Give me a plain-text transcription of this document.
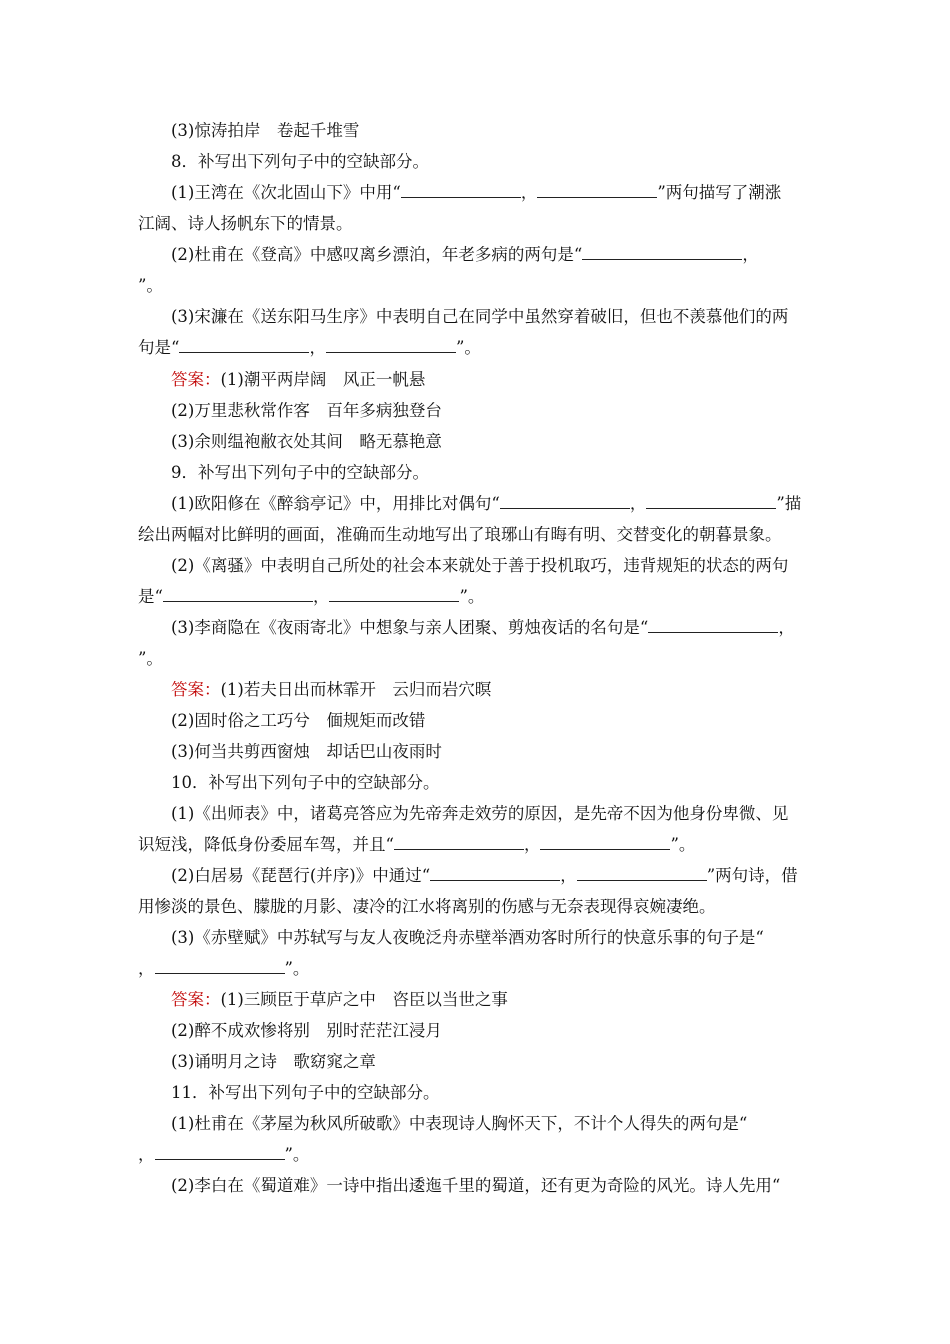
(3)惊涛拍岸　卷起千堆雪
8．补写出下列句子中的空缺部分。
(1)王湾在《次北固山下》中用“	，	”两句描写了潮涨
江阔、诗人扬帆东下的情景。
(2)杜甫在《登高》中感叹离乡漂泊，年老多病的两句是“	，
”。
(3)宋濂在《送东阳马生序》中表明自己在同学中虽然穿着破旧，但也不羡慕他们的两
句是“	，	”。
答案：(1)潮平两岸阔　风正一帆悬
(2)万里悲秋常作客　百年多病独登台
(3)余则缊袍敝衣处其间　略无慕艳意
9．补写出下列句子中的空缺部分。
(1)欧阳修在《醉翁亭记》中，用排比对偶句“	，	”描
绘出两幅对比鲜明的画面，准确而生动地写出了琅琊山有晦有明、交替变化的朝暮景象。
(2)《离骚》中表明自己所处的社会本来就处于善于投机取巧，违背规矩的状态的两句
是“	，	”。
(3)李商隐在《夜雨寄北》中想象与亲人团聚、剪烛夜话的名句是“	，
”。
答案：(1)若夫日出而林霏开　云归而岩穴暝
(2)固时俗之工巧兮　偭规矩而改错
(3)何当共剪西窗烛　却话巴山夜雨时
10．补写出下列句子中的空缺部分。
(1)《出师表》中，诸葛亮答应为先帝奔走效劳的原因，是先帝不因为他身份卑微、见
识短浅，降低身份委屈车驾，并且“	，	”。
(2)白居易《琵琶行(并序)》中通过“	，	”两句诗，借
用惨淡的景色、朦胧的月影、凄冷的江水将离别的伤感与无奈表现得哀婉凄绝。
(3)《赤壁赋》中苏轼写与友人夜晚泛舟赤壁举酒劝客时所行的快意乐事的句子是“
，	”。
答案：(1)三顾臣于草庐之中　咨臣以当世之事
(2)醉不成欢惨将别　别时茫茫江浸月
(3)诵明月之诗　歌窈窕之章
11．补写出下列句子中的空缺部分。
(1)杜甫在《茅屋为秋风所破歌》中表现诗人胸怀天下，不计个人得失的两句是“
，	”。
(2)李白在《蜀道难》一诗中指出逶迤千里的蜀道，还有更为奇险的风光。诗人先用“
